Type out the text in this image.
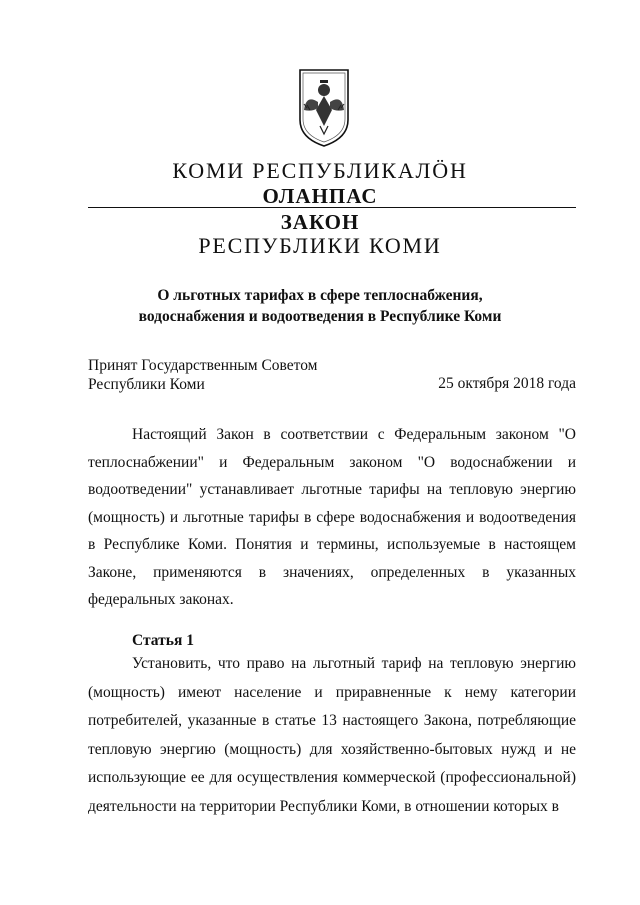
КОМИ РЕСПУБЛИКАЛÖН
ОЛАНПАС
ЗАКОН
РЕСПУБЛИКИ КОМИ
О льготных тарифах в сфере теплоснабжения,
водоснабжения и водоотведения в Республике Коми
Принят Государственным Советом
Республики Коми	25 октября 2018 года
Настоящий Закон в соответствии с Федеральным законом "О теплоснабжении" и Федеральным законом "О водоснабжении и водоотведении" устанавливает льготные тарифы на тепловую энергию (мощность) и льготные тарифы в сфере водоснабжения и водоотведения в Республике Коми. Понятия и термины, используемые в настоящем Законе, применяются в значениях, определенных в указанных федеральных законах.
Статья 1
Установить, что право на льготный тариф на тепловую энергию (мощность) имеют население и приравненные к нему категории потребителей, указанные в статье 13 настоящего Закона, потребляющие тепловую энергию (мощность) для хозяйственно-бытовых нужд и не использующие ее для осуществления коммерческой (профессиональной) деятельности на территории Республики Коми, в отношении которых в
